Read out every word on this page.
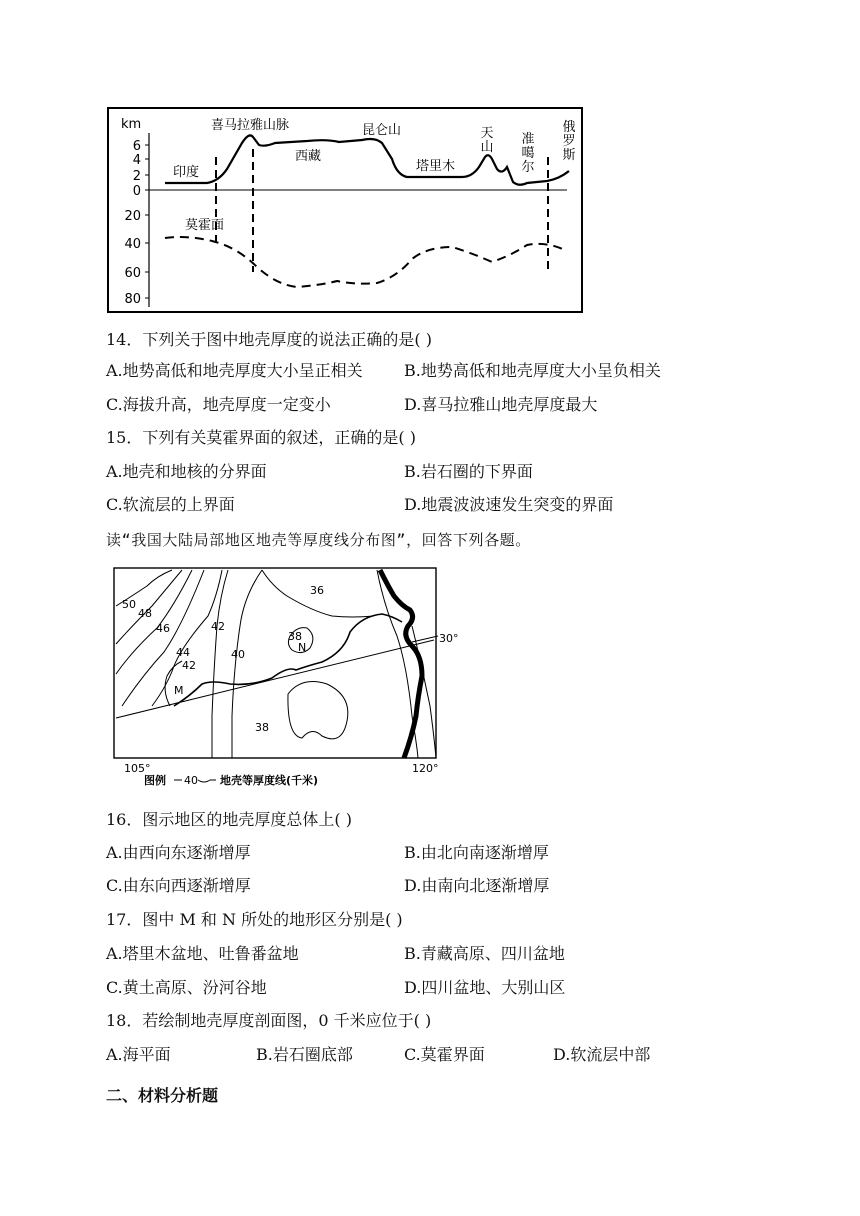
km
6
4
2
0
20
40
60
80
印度
喜马拉雅山脉
西藏
昆仑山
塔里木
莫霍面
天山
准噶尔
俄罗斯
14．下列关于图中地壳厚度的说法正确的是( )
A.地势高低和地壳厚度大小呈正相关	B.地势高低和地壳厚度大小呈负相关
C.海拔升高，地壳厚度一定变小	D.喜马拉雅山地壳厚度最大
15．下列有关莫霍界面的叙述，正确的是( )
A.地壳和地核的分界面	B.岩石圈的下界面
C.软流层的上界面	D.地震波波速发生突变的界面
读“我国大陆局部地区地壳等厚度线分布图”，回答下列各题。
50
48
46
44
42
42
40
36
38
38
M
N
30°
105°	120°
图例 40 地壳等厚度线(千米)
16．图示地区的地壳厚度总体上( )
A.由西向东逐渐增厚	B.由北向南逐渐增厚
C.由东向西逐渐增厚	D.由南向北逐渐增厚
17．图中 M 和 N 所处的地形区分别是( )
A.塔里木盆地、吐鲁番盆地	B.青藏高原、四川盆地
C.黄土高原、汾河谷地	D.四川盆地、大别山区
18．若绘制地壳厚度剖面图，0 千米应位于( )
A.海平面	B.岩石圈底部	C.莫霍界面	D.软流层中部
二、材料分析题
